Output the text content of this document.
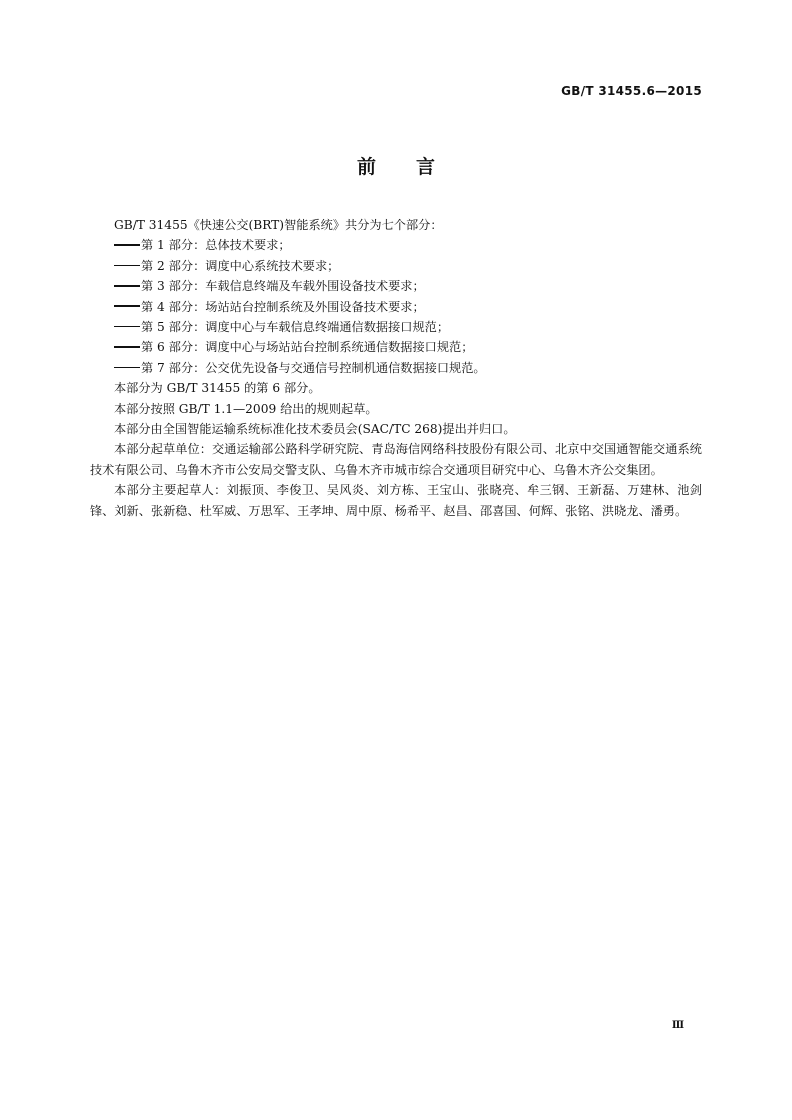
GB/T 31455.6—2015
前言

GB/T 31455《快速公交(BRT)智能系统》共分为七个部分：

第 1 部分：总体技术要求；

第 2 部分：调度中心系统技术要求；

第 3 部分：车载信息终端及车载外围设备技术要求；

第 4 部分：场站站台控制系统及外围设备技术要求；

第 5 部分：调度中心与车载信息终端通信数据接口规范；

第 6 部分：调度中心与场站站台控制系统通信数据接口规范；

第 7 部分：公交优先设备与交通信号控制机通信数据接口规范。

本部分为 GB/T 31455 的第 6 部分。

本部分按照 GB/T 1.1—2009 给出的规则起草。

本部分由全国智能运输系统标准化技术委员会(SAC/TC 268)提出并归口。

本部分起草单位：交通运输部公路科学研究院、青岛海信网络科技股份有限公司、北京中交国通智能交通系统技术有限公司、乌鲁木齐市公安局交警支队、乌鲁木齐市城市综合交通项目研究中心、乌鲁木齐公交集团。

本部分主要起草人：刘振顶、李俊卫、吴风炎、刘方栋、王宝山、张晓亮、牟三钢、王新磊、万建林、池剑锋、刘新、张新稳、杜军威、万思军、王孝坤、周中原、杨希平、赵昌、邵喜国、何辉、张铭、洪晓龙、潘勇。

Ⅲ
